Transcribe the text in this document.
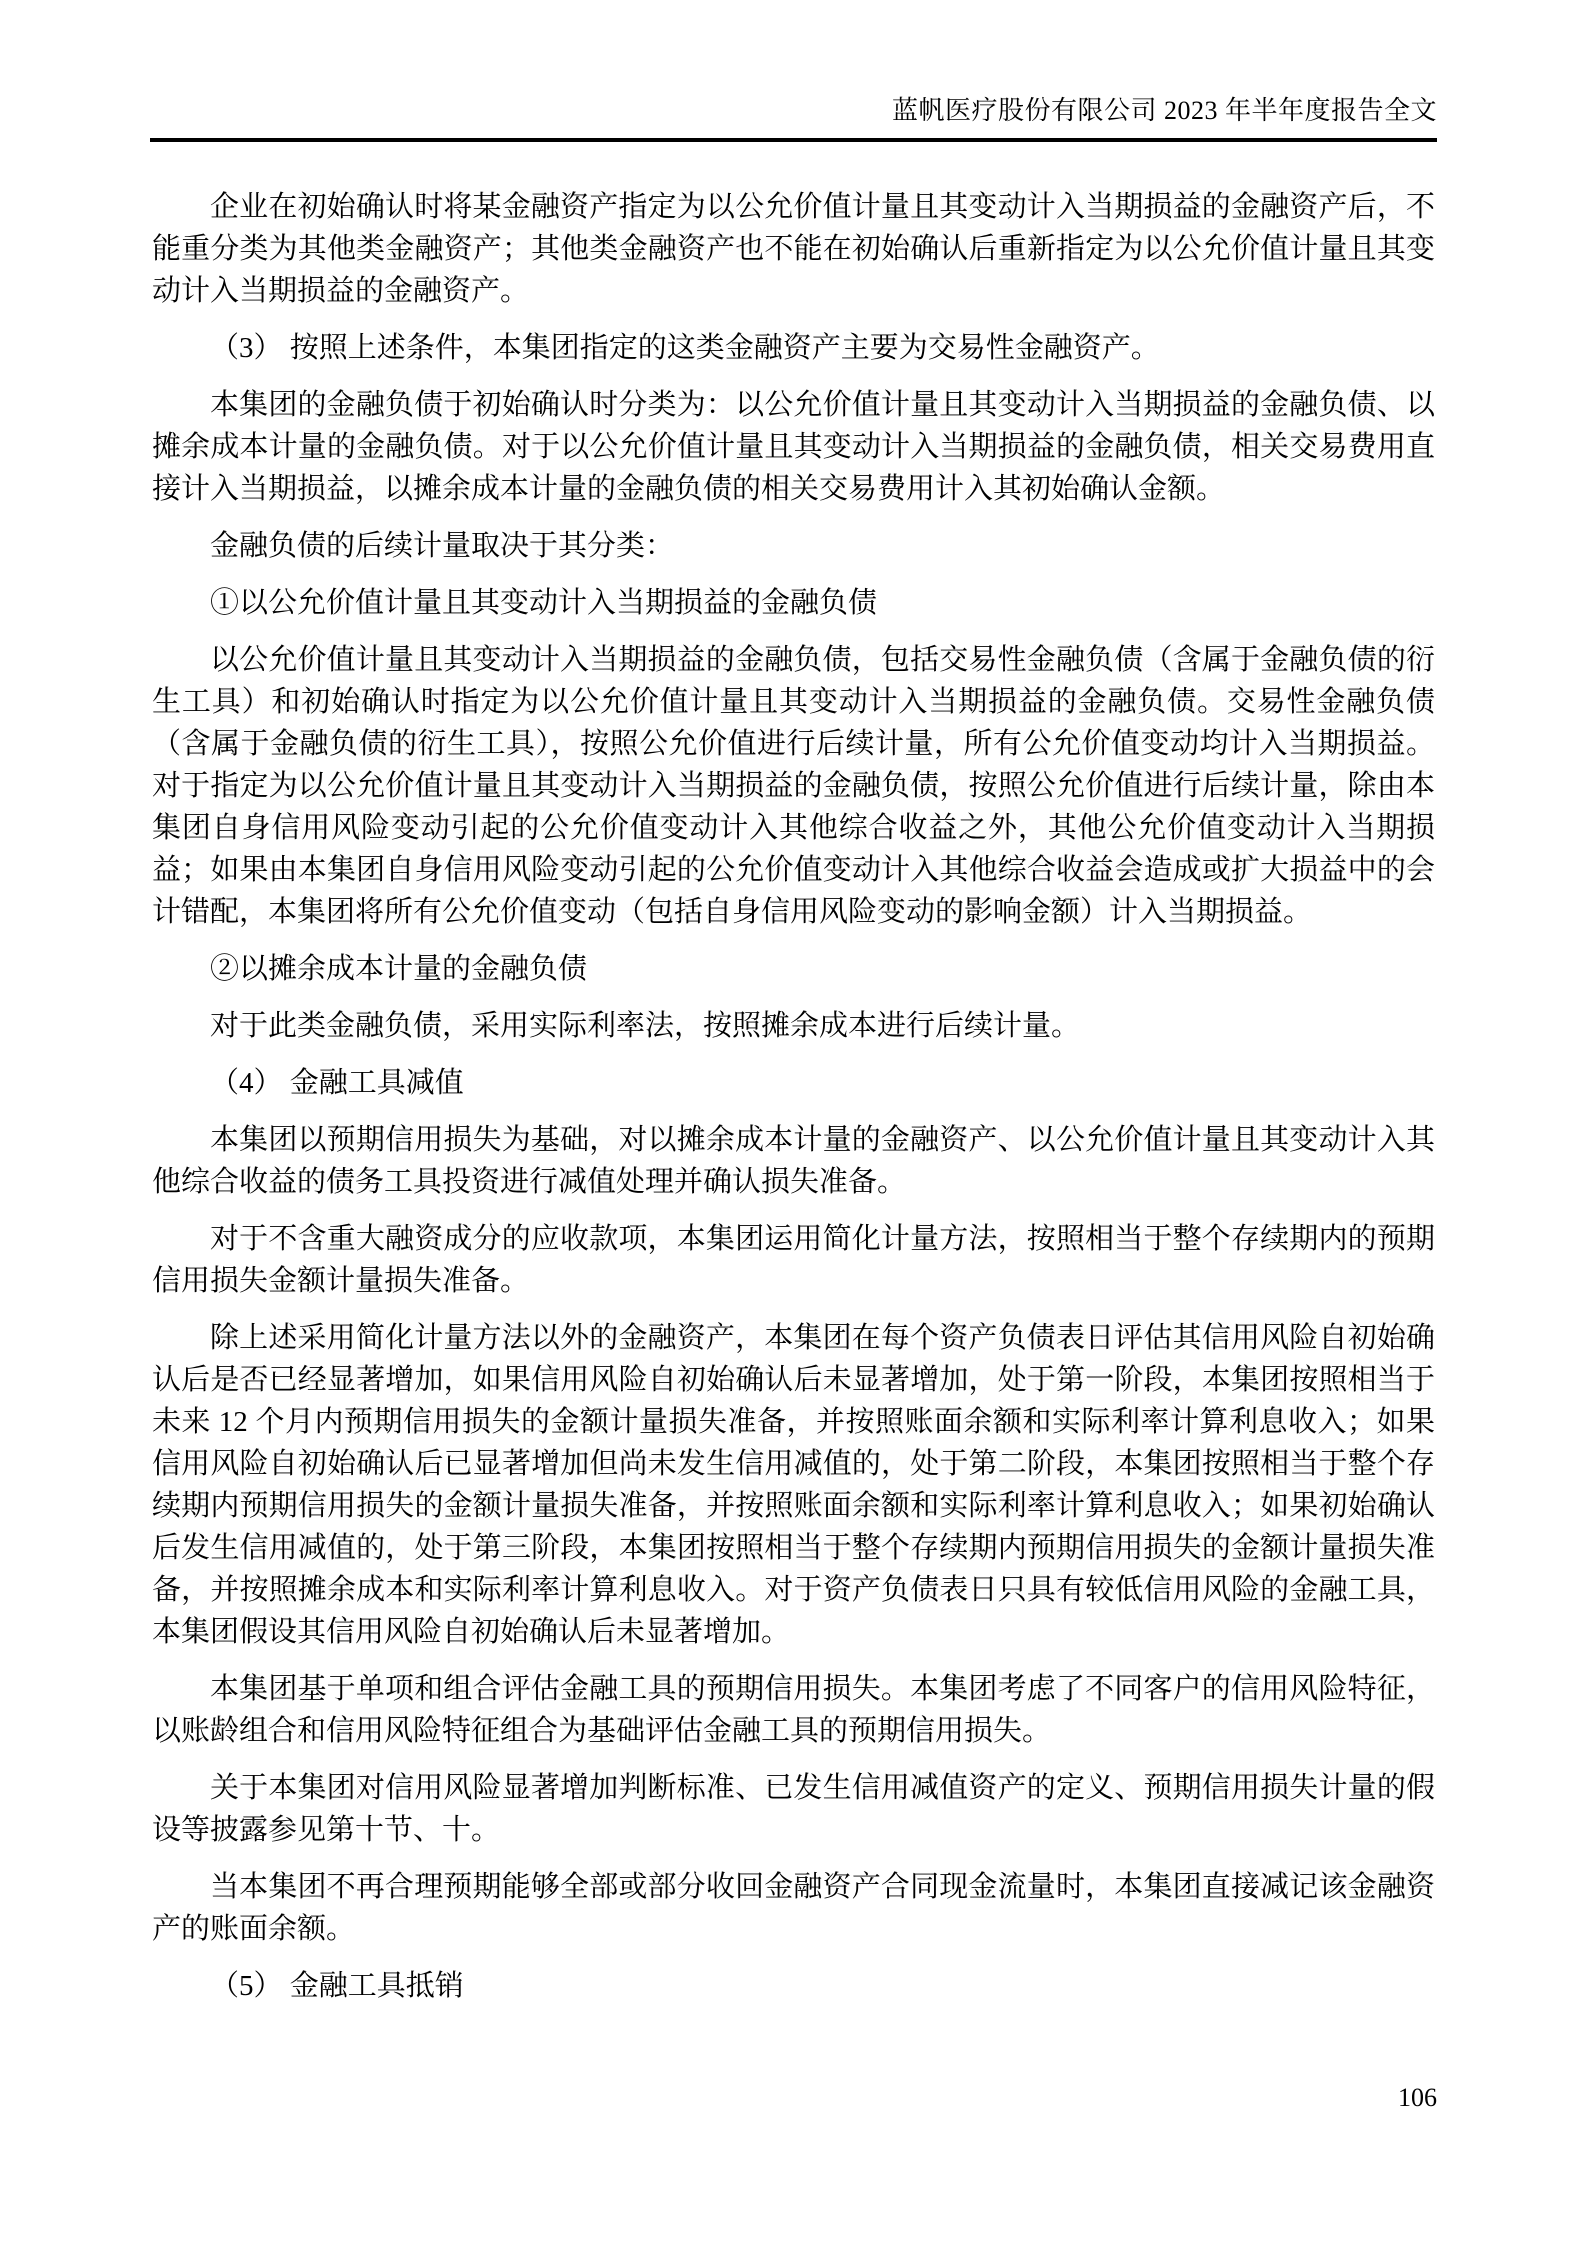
蓝帆医疗股份有限公司 2023 年半年度报告全文

企业在初始确认时将某金融资产指定为以公允价值计量且其变动计入当期损益的金融资产后，不能重分类为其他类金融资产；其他类金融资产也不能在初始确认后重新指定为以公允价值计量且其变动计入当期损益的金融资产。

（3） 按照上述条件，本集团指定的这类金融资产主要为交易性金融资产。

本集团的金融负债于初始确认时分类为：以公允价值计量且其变动计入当期损益的金融负债、以摊余成本计量的金融负债。对于以公允价值计量且其变动计入当期损益的金融负债，相关交易费用直接计入当期损益，以摊余成本计量的金融负债的相关交易费用计入其初始确认金额。

金融负债的后续计量取决于其分类：

①以公允价值计量且其变动计入当期损益的金融负债

以公允价值计量且其变动计入当期损益的金融负债，包括交易性金融负债（含属于金融负债的衍生工具）和初始确认时指定为以公允价值计量且其变动计入当期损益的金融负债。交易性金融负债（含属于金融负债的衍生工具），按照公允价值进行后续计量，所有公允价值变动均计入当期损益。对于指定为以公允价值计量且其变动计入当期损益的金融负债，按照公允价值进行后续计量，除由本集团自身信用风险变动引起的公允价值变动计入其他综合收益之外，其他公允价值变动计入当期损益；如果由本集团自身信用风险变动引起的公允价值变动计入其他综合收益会造成或扩大损益中的会计错配，本集团将所有公允价值变动（包括自身信用风险变动的影响金额）计入当期损益。

②以摊余成本计量的金融负债

对于此类金融负债，采用实际利率法，按照摊余成本进行后续计量。

（4） 金融工具减值

本集团以预期信用损失为基础，对以摊余成本计量的金融资产、以公允价值计量且其变动计入其他综合收益的债务工具投资进行减值处理并确认损失准备。

对于不含重大融资成分的应收款项，本集团运用简化计量方法，按照相当于整个存续期内的预期信用损失金额计量损失准备。

除上述采用简化计量方法以外的金融资产，本集团在每个资产负债表日评估其信用风险自初始确认后是否已经显著增加，如果信用风险自初始确认后未显著增加，处于第一阶段，本集团按照相当于未来 12 个月内预期信用损失的金额计量损失准备，并按照账面余额和实际利率计算利息收入；如果信用风险自初始确认后已显著增加但尚未发生信用减值的，处于第二阶段，本集团按照相当于整个存续期内预期信用损失的金额计量损失准备，并按照账面余额和实际利率计算利息收入；如果初始确认后发生信用减值的，处于第三阶段，本集团按照相当于整个存续期内预期信用损失的金额计量损失准备，并按照摊余成本和实际利率计算利息收入。对于资产负债表日只具有较低信用风险的金融工具，本集团假设其信用风险自初始确认后未显著增加。

本集团基于单项和组合评估金融工具的预期信用损失。本集团考虑了不同客户的信用风险特征，以账龄组合和信用风险特征组合为基础评估金融工具的预期信用损失。

关于本集团对信用风险显著增加判断标准、已发生信用减值资产的定义、预期信用损失计量的假设等披露参见第十节、十。

当本集团不再合理预期能够全部或部分收回金融资产合同现金流量时，本集团直接减记该金融资产的账面余额。

（5） 金融工具抵销

106
